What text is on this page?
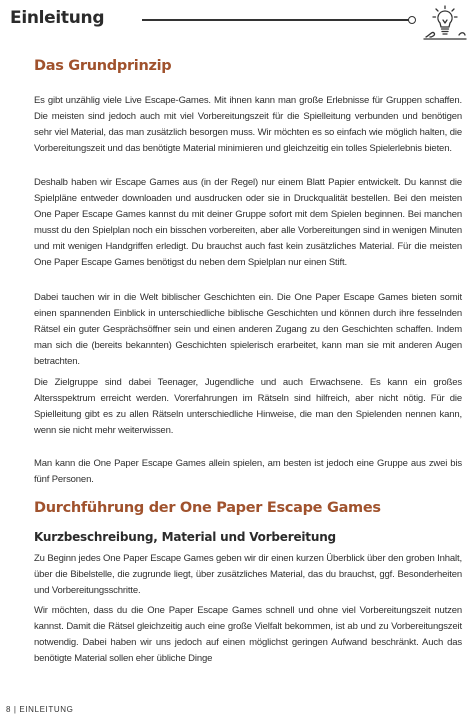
Einleitung
Das Grundprinzip

Es gibt unzählig viele Live Escape-Games. Mit ihnen kann man große Erlebnisse für Gruppen schaffen. Die meisten sind jedoch auch mit viel Vorbereitungszeit für die Spielleitung verbunden und benötigen sehr viel Material, das man zusätzlich besorgen muss. Wir möchten es so einfach wie möglich halten, die Vorbereitungszeit und das benötigte Material minimieren und gleichzeitig ein tolles Spielerlebnis bieten.

Deshalb haben wir Escape Games aus (in der Regel) nur einem Blatt Papier entwickelt. Du kannst die Spielpläne entweder downloaden und ausdrucken oder sie in Druckqualität bestellen. Bei den meisten One Paper Escape Games kannst du mit deiner Gruppe sofort mit dem Spielen beginnen. Bei manchen musst du den Spielplan noch ein bisschen vorbereiten, aber alle Vorbereitungen sind in wenigen Minuten und mit wenigen Handgriffen erledigt. Du brauchst auch fast kein zusätzliches Material. Für die meisten One Paper Escape Games benötigst du neben dem Spielplan nur einen Stift.

Dabei tauchen wir in die Welt biblischer Geschichten ein. Die One Paper Escape Games bieten somit einen spannenden Einblick in unterschiedliche biblische Geschichten und können durch ihre fesselnden Rätsel ein guter Gesprächsöffner sein und einen anderen Zugang zu den Geschichten schaffen. Indem man sich die (bereits bekannten) Geschichten spielerisch erarbeitet, kann man sie mit anderen Augen betrachten.

Die Zielgruppe sind dabei Teenager, Jugendliche und auch Erwachsene. Es kann ein großes Altersspektrum erreicht werden. Vorerfahrungen im Rätseln sind hilfreich, aber nicht nötig. Für die Spielleitung gibt es zu allen Rätseln unterschiedliche Hinweise, die man den Spielenden nennen kann, wenn sie nicht mehr weiterwissen.

Man kann die One Paper Escape Games allein spielen, am besten ist jedoch eine Gruppe aus zwei bis fünf Personen.

Durchführung der One Paper Escape Games
Kurzbeschreibung, Material und Vorbereitung

Zu Beginn jedes One Paper Escape Games geben wir dir einen kurzen Überblick über den groben Inhalt, über die Bibelstelle, die zugrunde liegt, über zusätzliches Material, das du brauchst, ggf. Besonderheiten und Vorbereitungsschritte.

Wir möchten, dass du die One Paper Escape Games schnell und ohne viel Vorbereitungszeit nutzen kannst. Damit die Rätsel gleichzeitig auch eine große Vielfalt bekommen, ist ab und zu Vorbereitungszeit notwendig. Dabei haben wir uns jedoch auf einen möglichst geringen Aufwand beschränkt. Auch das benötigte Material sollen eher übliche Dinge

8 | EINLEITUNG
